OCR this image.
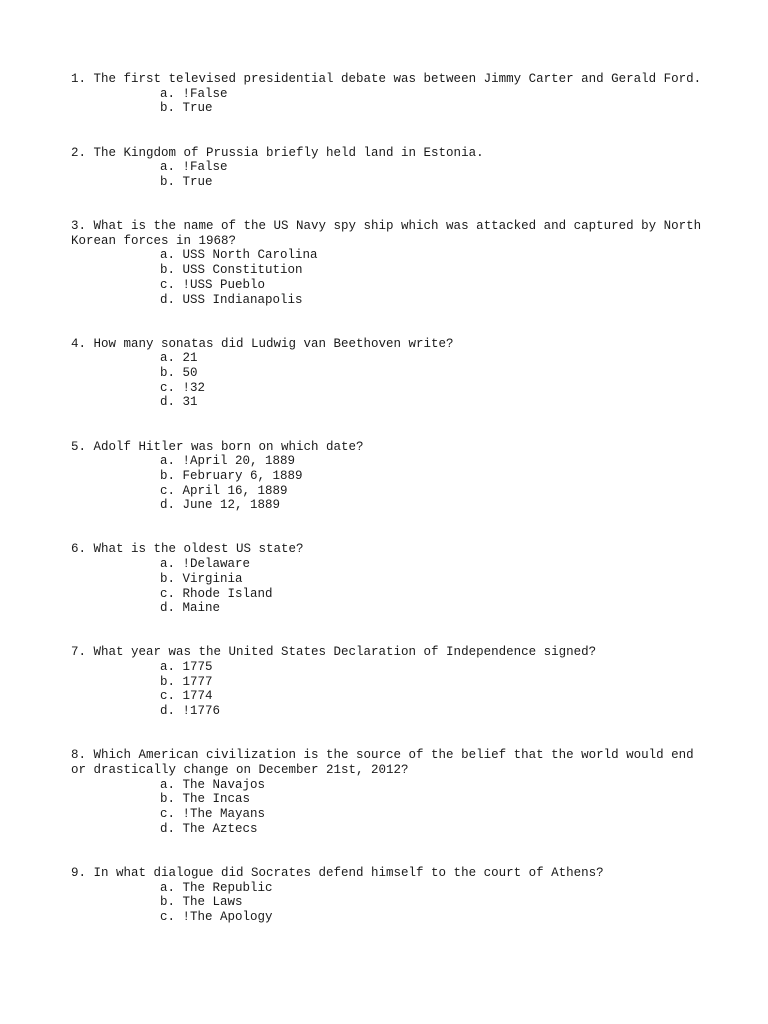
1. The first televised presidential debate was between Jimmy Carter and Gerald Ford.
a. !False
b. True
2. The Kingdom of Prussia briefly held land in Estonia.
a. !False
b. True
3. What is the name of the US Navy spy ship which was attacked and captured by North Korean forces in 1968?
a. USS North Carolina
b. USS Constitution
c. !USS Pueblo
d. USS Indianapolis
4. How many sonatas did Ludwig van Beethoven write?
a. 21
b. 50
c. !32
d. 31
5. Adolf Hitler was born on which date?
a. !April 20, 1889
b. February 6, 1889
c. April 16, 1889
d. June 12, 1889
6. What is the oldest US state?
a. !Delaware
b. Virginia
c. Rhode Island
d. Maine
7. What year was the United States Declaration of Independence signed?
a. 1775
b. 1777
c. 1774
d. !1776
8. Which American civilization is the source of the belief that the world would end or drastically change on December 21st, 2012?
a. The Navajos
b. The Incas
c. !The Mayans
d. The Aztecs
9. In what dialogue did Socrates defend himself to the court of Athens?
a. The Republic
b. The Laws
c. !The Apology
